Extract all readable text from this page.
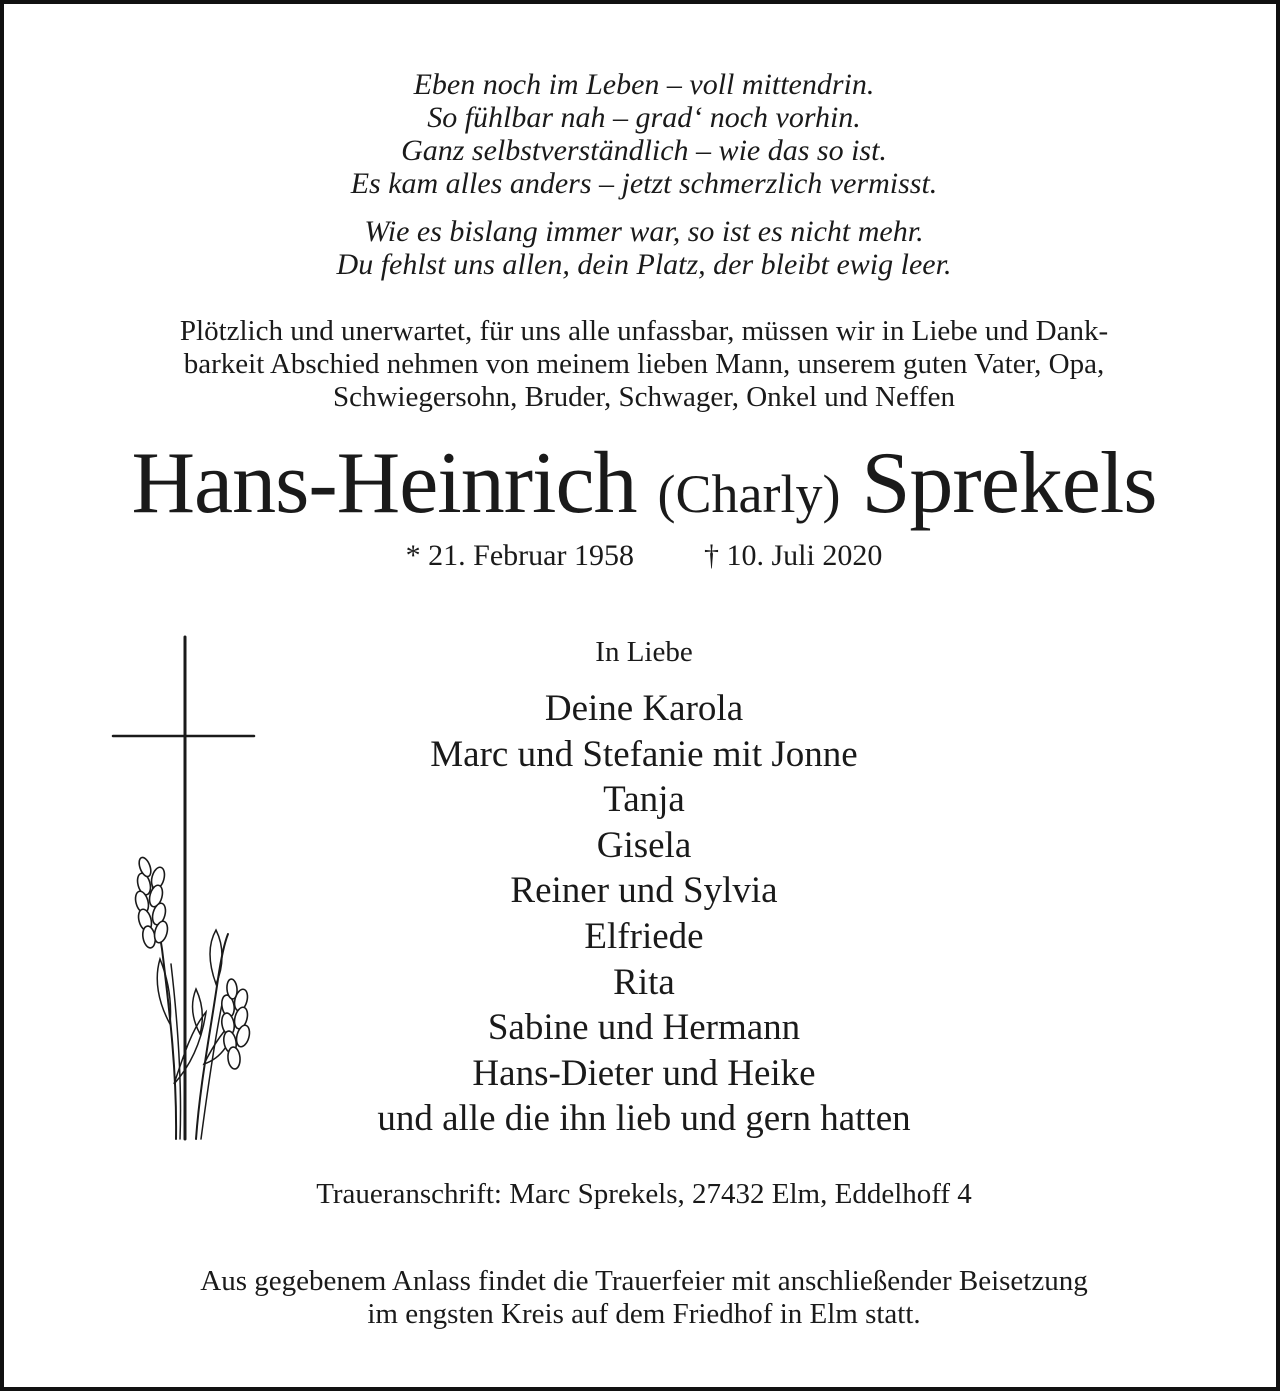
Eben noch im Leben – voll mittendrin.
So fühlbar nah – grad‘ noch vorhin.
Ganz selbstverständlich – wie das so ist.
Es kam alles anders – jetzt schmerzlich vermisst.
Wie es bislang immer war, so ist es nicht mehr.
Du fehlst uns allen, dein Platz, der bleibt ewig leer.
Plötzlich und unerwartet, für uns alle unfassbar, müssen wir in Liebe und Dank-
barkeit Abschied nehmen von meinem lieben Mann, unserem guten Vater, Opa,
Schwiegersohn, Bruder, Schwager, Onkel und Neffen
Hans-Heinrich (Charly) Sprekels
* 21. Februar 1958 † 10. Juli 2020
In Liebe
Deine Karola
Marc und Stefanie mit Jonne
Tanja
Gisela
Reiner und Sylvia
Elfriede
Rita
Sabine und Hermann
Hans-Dieter und Heike
und alle die ihn lieb und gern hatten
Traueranschrift: Marc Sprekels, 27432 Elm, Eddelhoff 4
Aus gegebenem Anlass findet die Trauerfeier mit anschließender Beisetzung
im engsten Kreis auf dem Friedhof in Elm statt.
